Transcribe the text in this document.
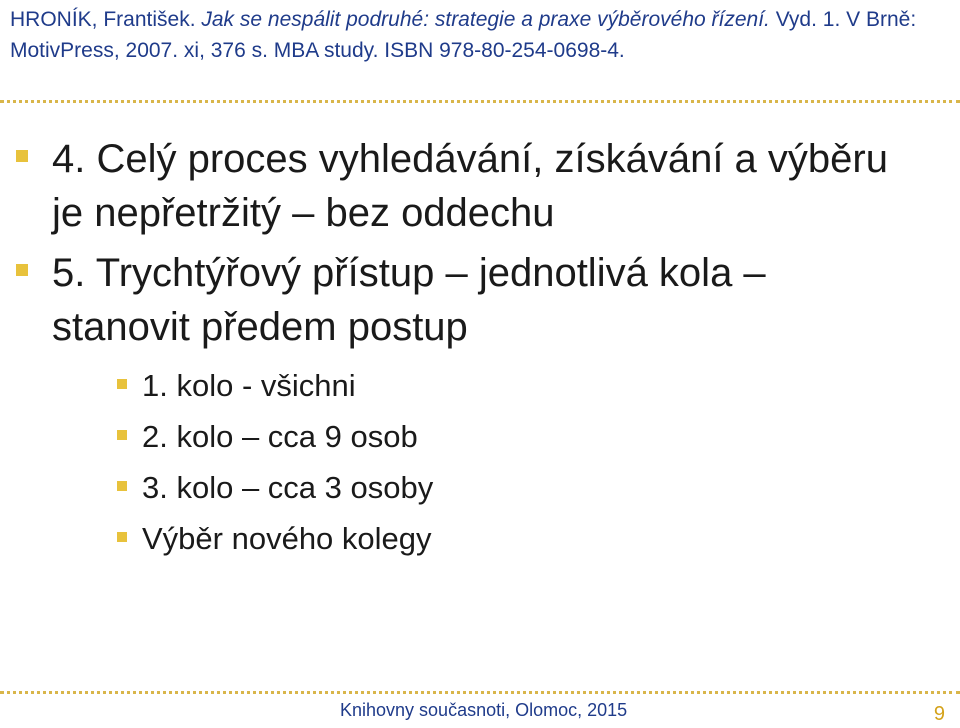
HRONÍK, František. Jak se nespálit podruhé: strategie a praxe výběrového řízení. Vyd. 1. V Brně: MotivPress, 2007. xi, 376 s. MBA study. ISBN 978-80-254-0698-4.
4. Celý proces vyhledávání, získávání a výběru je nepřetržitý – bez oddechu
5. Trychtýřový přístup – jednotlivá kola – stanovit předem postup
1. kolo - všichni
2. kolo – cca 9 osob
3. kolo – cca 3 osoby
Výběr nového kolegy
Knihovny současnoti, Olomoc, 2015	9
